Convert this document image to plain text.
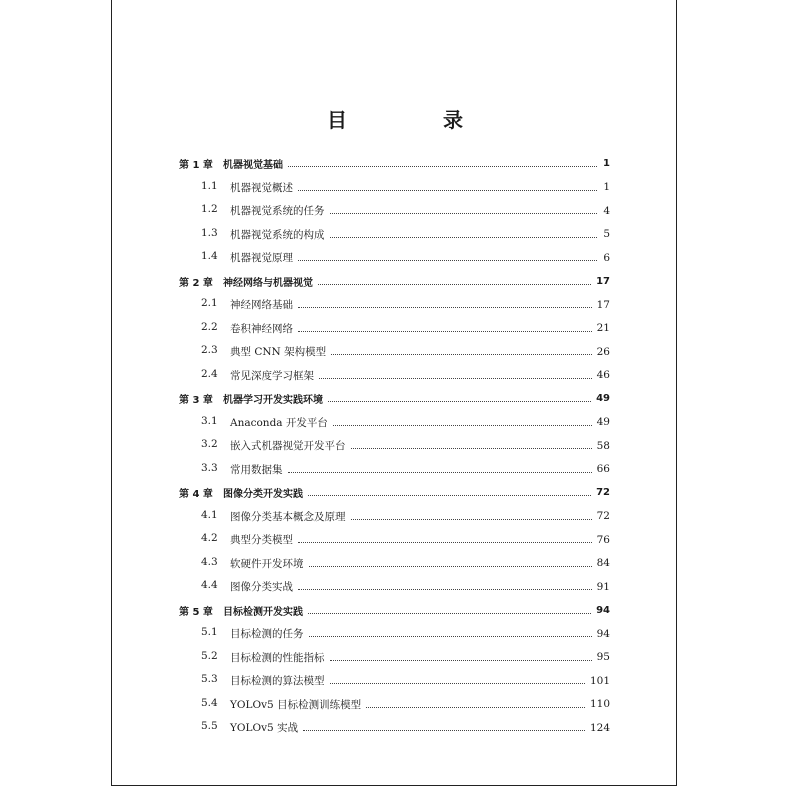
目　录
第 1 章	机器视觉基础	1
1.1	机器视觉概述	1
1.2	机器视觉系统的任务	4
1.3	机器视觉系统的构成	5
1.4	机器视觉原理	6
第 2 章	神经网络与机器视觉	17
2.1	神经网络基础	17
2.2	卷积神经网络	21
2.3	典型 CNN 架构模型	26
2.4	常见深度学习框架	46
第 3 章	机器学习开发实践环境	49
3.1	Anaconda 开发平台	49
3.2	嵌入式机器视觉开发平台	58
3.3	常用数据集	66
第 4 章	图像分类开发实践	72
4.1	图像分类基本概念及原理	72
4.2	典型分类模型	76
4.3	软硬件开发环境	84
4.4	图像分类实战	91
第 5 章	目标检测开发实践	94
5.1	目标检测的任务	94
5.2	目标检测的性能指标	95
5.3	目标检测的算法模型	101
5.4	YOLOv5 目标检测训练模型	110
5.5	YOLOv5 实战	124
